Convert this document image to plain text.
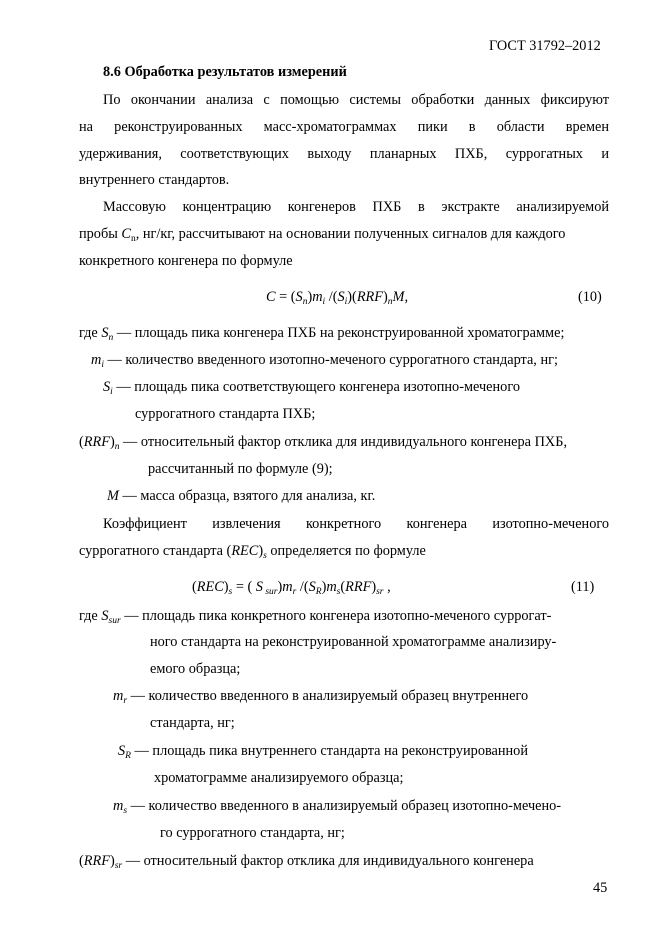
ГОСТ 31792–2012
8.6 Обработка результатов измерений
По окончании анализа с помощью системы обработки данных фиксируют
на реконструированных масс-хроматограммах пики в области времен
удерживания, соответствующих выходу планарных ПХБ, суррогатных и
внутреннего стандартов.
Массовую концентрацию конгенеров ПХБ в экстракте анализируемой
пробы $C_n$, нг/кг, рассчитывают на основании полученных сигналов для каждого
конкретного конгенера по формуле
$C = (S_n)m_i$ $/(S_i)(RRF)_nM$,	(10)
где $S_n$ — площадь пика конгенера ПХБ на реконструированной хроматограмме;
$m_i$ — количество введенного изотопно-меченого суррогатного стандарта, нг;
$S_i$ — площадь пика соответствующего конгенера изотопно-меченого
суррогатного стандарта ПХБ;
$(RRF)_n$ — относительный фактор отклика для индивидуального конгенера ПХБ,
рассчитанный по формуле (9);
M — масса образца, взятого для анализа, кг.
Коэффициент извлечения конкретного конгенера изотопно-меченого
суррогатного стандарта $(REC)_s$ определяется по формуле
$(REC)_s$ = ( S $_{sur})m_r$ $/(S_R)m_s(RRF)_{sr}$ ,	(11)
где $S_{sur}$ — площадь пика конкретного конгенера изотопно-меченого суррогат-
ного стандарта на реконструированной хроматограмме анализиру-
емого образца;
$m_r$ — количество введенного в анализируемый образец внутреннего
стандарта, нг;
$S_R$ — площадь пика внутреннего стандарта на реконструированной
хроматограмме анализируемого образца;
$m_s$ — количество введенного в анализируемый образец изотопно-мечено-
го суррогатного стандарта, нг;
$(RRF)_{sr}$ — относительный фактор отклика для индивидуального конгенера
45
